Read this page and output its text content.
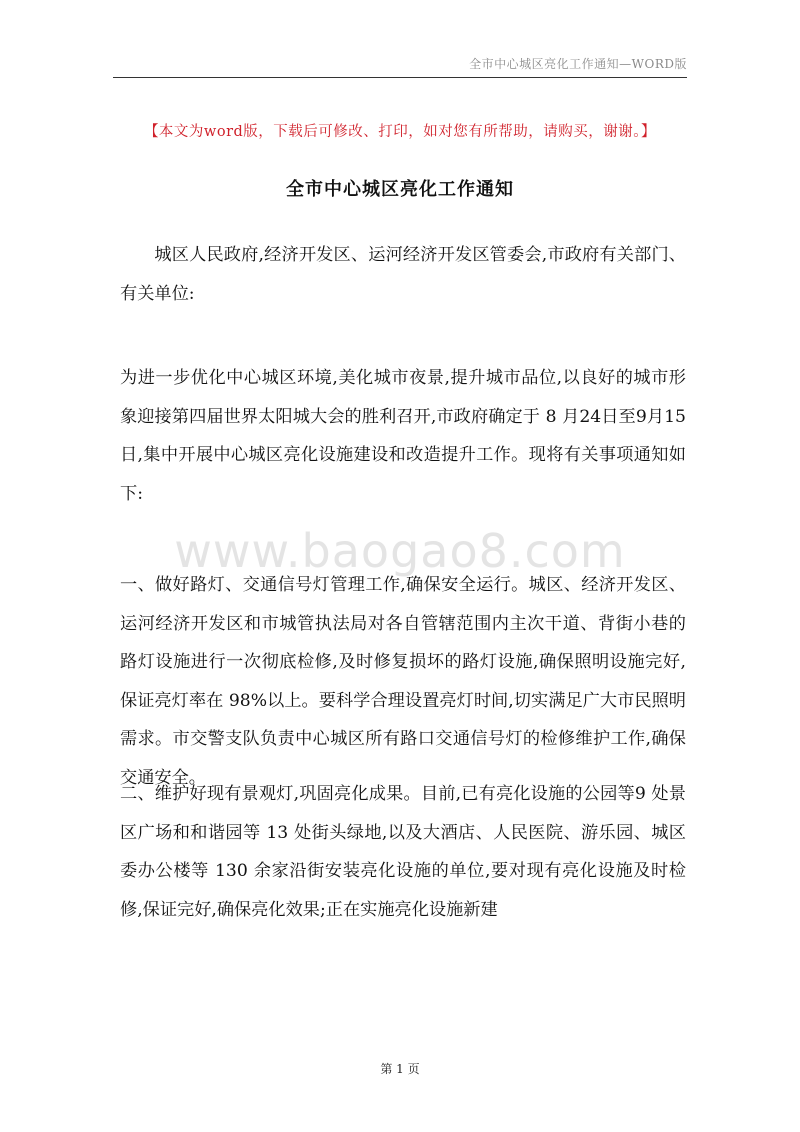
全市中心城区亮化工作通知—WORD版
【本文为word版，下载后可修改、打印，如对您有所帮助，请购买，谢谢。】
全市中心城区亮化工作通知
城区人民政府,经济开发区、运河经济开发区管委会,市政府有关部门、有关单位:
为进一步优化中心城区环境,美化城市夜景,提升城市品位,以良好的城市形象迎接第四届世界太阳城大会的胜利召开,市政府确定于 8 月24日至9月15日,集中开展中心城区亮化设施建设和改造提升工作。现将有关事项通知如下:
www.baogao8.com
一、做好路灯、交通信号灯管理工作,确保安全运行。城区、经济开发区、运河经济开发区和市城管执法局对各自管辖范围内主次干道、背街小巷的路灯设施进行一次彻底检修,及时修复损坏的路灯设施,确保照明设施完好,保证亮灯率在 98%以上。要科学合理设置亮灯时间,切实满足广大市民照明需求。市交警支队负责中心城区所有路口交通信号灯的检修维护工作,确保交通安全。
二、维护好现有景观灯,巩固亮化成果。目前,已有亮化设施的公园等9 处景区广场和和谐园等 13 处街头绿地,以及大酒店、人民医院、游乐园、城区委办公楼等 130 余家沿街安装亮化设施的单位,要对现有亮化设施及时检修,保证完好,确保亮化效果;正在实施亮化设施新建
第 1 页
